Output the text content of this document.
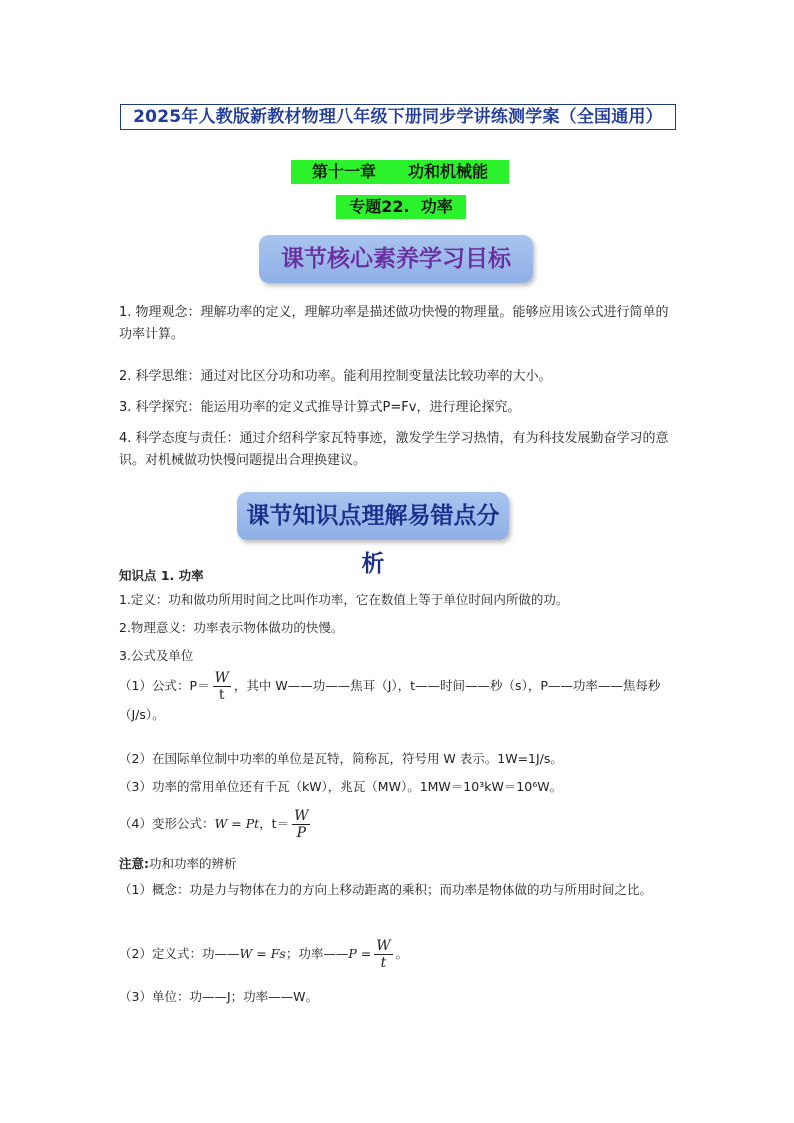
2025年人教版新教材物理八年级下册同步学讲练测学案（全国通用）
第十一章　　功和机械能
专题22.  功率
课节核心素养学习目标
1. 物理观念：理解功率的定义，理解功率是描述做功快慢的物理量。能够应用该公式进行简单的功率计算。
2. 科学思维：通过对比区分功和功率。能利用控制变量法比较功率的大小。
3. 科学探究：能运用功率的定义式推导计算式P=Fv，进行理论探究。
4. 科学态度与责任：通过介绍科学家瓦特事迹，激发学生学习热情，有为科技发展勤奋学习的意识。对机械做功快慢问题提出合理换建议。
课节知识点理解易错点分析
知识点 1. 功率
1.定义：功和做功所用时间之比叫作功率，它在数值上等于单位时间内所做的功。
2.物理意义：功率表示物体做功的快慢。
3.公式及单位
（1）公式：$P= \frac{W}{t}$ ，其中 W——功——焦耳（J），t——时间——秒（s），P——功率——焦每秒（J/s）。
（2）在国际单位制中功率的单位是瓦特，简称瓦，符号用 W 表示。1W=1J/s。
（3）功率的常用单位还有千瓦（kW），兆瓦（MW）。1MW＝10³kW＝10⁶W。
（4）变形公式：W = Pt，$t= \frac{W}{P}$
注意:功和功率的辨析
（1）概念：功是力与物体在力的方向上移动距离的乘积；而功率是物体做的功与所用时间之比。
（2）定义式：功——W = Fs；功率——P = $\frac{W}{t}$ 。
（3）单位：功——J；功率——W。
